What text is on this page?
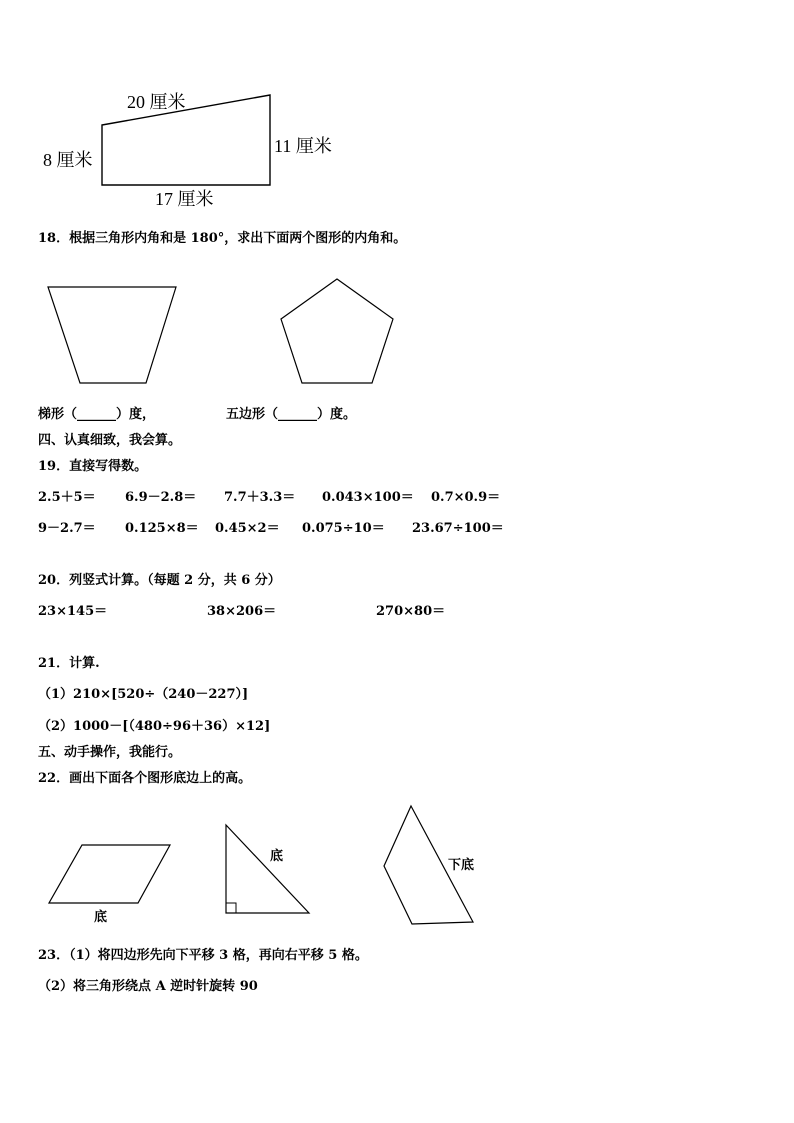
20 厘米
8 厘米
11 厘米
17 厘米
底
底
下底
18．根据三角形内角和是 180°，求出下面两个图形的内角和。
梯形（______）度，	五边形（______）度。
四、认真细致，我会算。
19．直接写得数。
2.5＋5＝ 6.9－2.8＝ 7.7＋3.3＝ 0.043×100＝ 0.7×0.9＝
9－2.7＝ 0.125×8＝ 0.45×2＝ 0.075÷10＝ 23.67÷100＝
20．列竖式计算。（每题 2 分，共 6 分）
23×145＝	38×206＝	270×80＝
21．计算.
（1）210×[520÷（240－227）]
（2）1000－[（480÷96＋36）×12]
五、动手操作，我能行。
22．画出下面各个图形底边上的高。
23．（1）将四边形先向下平移 3 格，再向右平移 5 格。
（2）将三角形绕点 A 逆时针旋转 90
